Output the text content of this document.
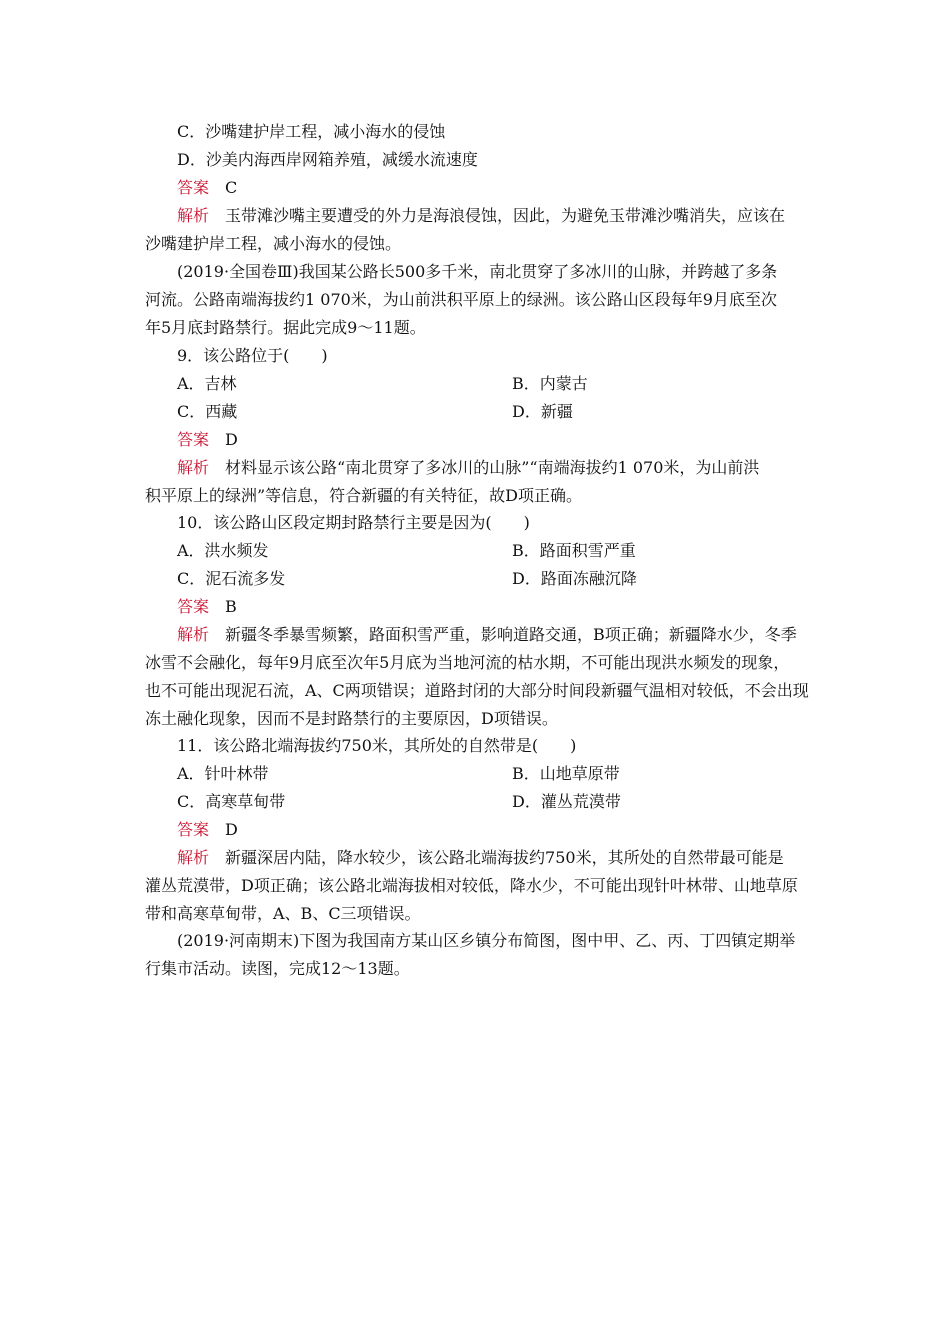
C．沙嘴建护岸工程，减小海水的侵蚀
D．沙美内海西岸网箱养殖，减缓水流速度
答案　 C
解析　 玉带滩沙嘴主要遭受的外力是海浪侵蚀，因此，为避免玉带滩沙嘴消失，应该在
沙嘴建护岸工程，减小海水的侵蚀。
(2019·全国卷Ⅲ)我国某公路长500多千米，南北贯穿了多冰川的山脉，并跨越了多条
河流。公路南端海拔约1 070米，为山前洪积平原上的绿洲。该公路山区段每年9月底至次
年5月底封路禁行。据此完成9～11题。
9．该公路位于(　　)
A．吉林	B．内蒙古
C．西藏	D．新疆
答案　 D
解析　 材料显示该公路“南北贯穿了多冰川的山脉”“南端海拔约1 070米，为山前洪
积平原上的绿洲”等信息，符合新疆的有关特征，故D项正确。
10．该公路山区段定期封路禁行主要是因为(　　)
A．洪水频发	B．路面积雪严重
C．泥石流多发	D．路面冻融沉降
答案　 B
解析　 新疆冬季暴雪频繁，路面积雪严重，影响道路交通，B项正确；新疆降水少，冬季
冰雪不会融化，每年9月底至次年5月底为当地河流的枯水期，不可能出现洪水频发的现象，
也不可能出现泥石流，A、C两项错误；道路封闭的大部分时间段新疆气温相对较低，不会出现
冻土融化现象，因而不是封路禁行的主要原因，D项错误。
11．该公路北端海拔约750米，其所处的自然带是(　　)
A．针叶林带	B．山地草原带
C．高寒草甸带	D．灌丛荒漠带
答案　 D
解析　 新疆深居内陆，降水较少，该公路北端海拔约750米，其所处的自然带最可能是
灌丛荒漠带，D项正确；该公路北端海拔相对较低，降水少，不可能出现针叶林带、山地草原
带和高寒草甸带，A、B、C三项错误。
(2019·河南期末)下图为我国南方某山区乡镇分布简图，图中甲、乙、丙、丁四镇定期举
行集市活动。读图，完成12～13题。
